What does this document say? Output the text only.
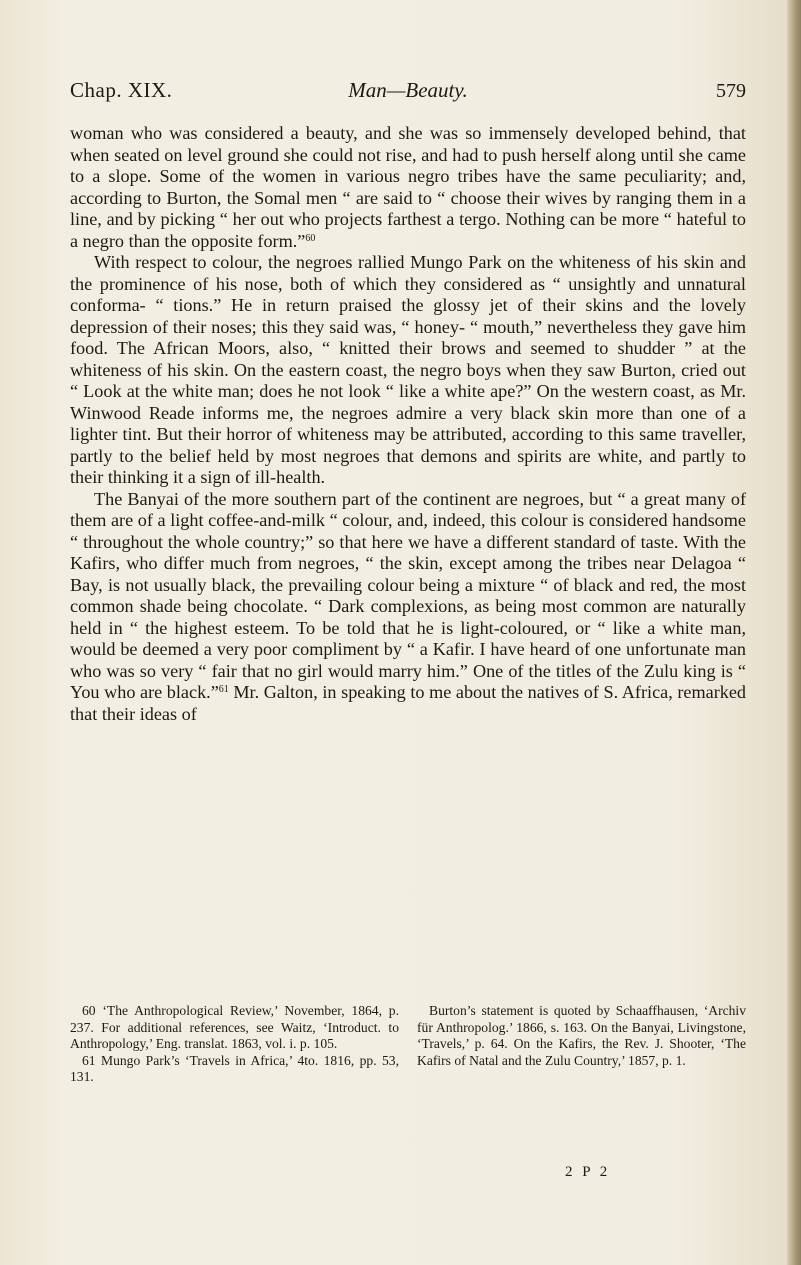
Chap. XIX.	Man—Beauty.	579

woman who was considered a beauty, and she was so immensely developed behind, that when seated on level ground she could not rise, and had to push herself along until she came to a slope. Some of the women in various negro tribes have the same peculiarity; and, according to Burton, the Somal men “ are said to “ choose their wives by ranging them in a line, and by picking “ her out who projects farthest a tergo. Nothing can be more “ hateful to a negro than the opposite form.”$^{60}$

With respect to colour, the negroes rallied Mungo Park on the whiteness of his skin and the prominence of his nose, both of which they considered as “ unsightly and unnatural conforma- “ tions.” He in return praised the glossy jet of their skins and the lovely depression of their noses; this they said was, “ honey- “ mouth,” nevertheless they gave him food. The African Moors, also, “ knitted their brows and seemed to shudder ” at the whiteness of his skin. On the eastern coast, the negro boys when they saw Burton, cried out “ Look at the white man; does he not look “ like a white ape?” On the western coast, as Mr. Winwood Reade informs me, the negroes admire a very black skin more than one of a lighter tint. But their horror of whiteness may be attributed, according to this same traveller, partly to the belief held by most negroes that demons and spirits are white, and partly to their thinking it a sign of ill-health.

The Banyai of the more southern part of the continent are negroes, but “ a great many of them are of a light coffee-and-milk “ colour, and, indeed, this colour is considered handsome “ throughout the whole country;” so that here we have a different standard of taste. With the Kafirs, who differ much from negroes, “ the skin, except among the tribes near Delagoa “ Bay, is not usually black, the prevailing colour being a mixture “ of black and red, the most common shade being chocolate. “ Dark complexions, as being most common are naturally held in “ the highest esteem. To be told that he is light-coloured, or “ like a white man, would be deemed a very poor compliment by “ a Kafir. I have heard of one unfortunate man who was so very “ fair that no girl would marry him.” One of the titles of the Zulu king is “ You who are black.”$^{61}$ Mr. Galton, in speaking to me about the natives of S. Africa, remarked that their ideas of

60 ‘The Anthropological Review,’ November, 1864, p. 237. For additional references, see Waitz, ‘Introduct. to Anthropology,’ Eng. translat. 1863, vol. i. p. 105.

61 Mungo Park’s ‘Travels in Africa,’ 4to. 1816, pp. 53, 131.

Burton’s statement is quoted by Schaaffhausen, ‘Archiv für Anthropolog.’ 1866, s. 163. On the Banyai, Livingstone, ‘Travels,’ p. 64. On the Kafirs, the Rev. J. Shooter, ‘The Kafirs of Natal and the Zulu Country,’ 1857, p. 1.

2 P 2
